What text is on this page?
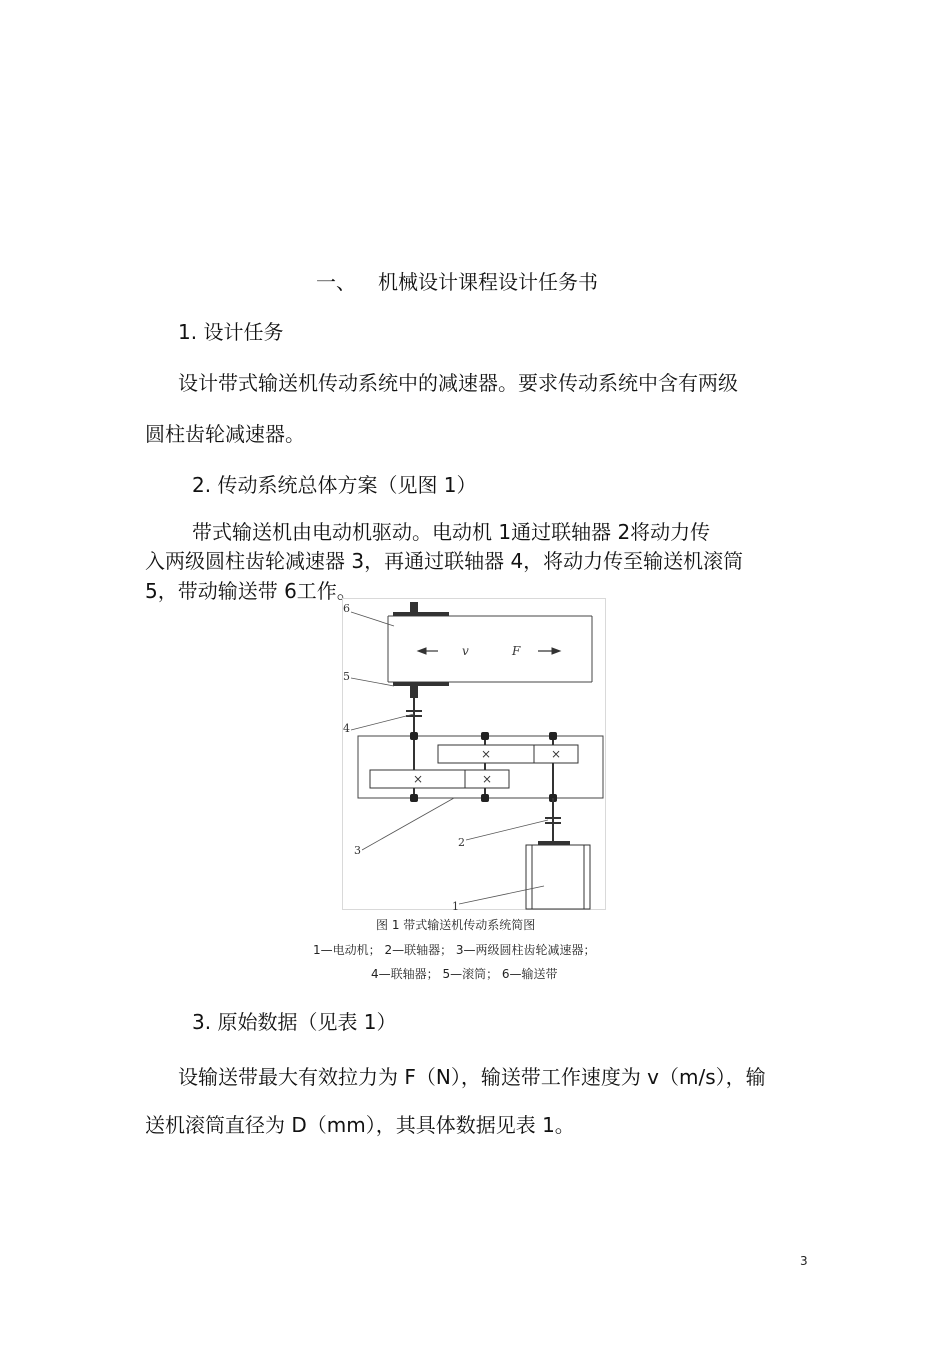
一、 机械设计课程设计任务书
1. 设计任务
设计带式输送机传动系统中的减速器。要求传动系统中含有两级
圆柱齿轮减速器。
2. 传动系统总体方案（见图 1）
带式输送机由电动机驱动。电动机 1通过联轴器 2将动力传
入两级圆柱齿轮减速器 3，再通过联轴器 4，将动力传至输送机滚筒
5，带动输送带 6工作。
v	F
×	×
×	×
6
5
4
3
2
1
图 1 带式输送机传动系统简图
1—电动机； 2—联轴器； 3—两级圆柱齿轮减速器；
4—联轴器； 5—滚筒； 6—输送带
3. 原始数据（见表 1）
设输送带最大有效拉力为 F（N），输送带工作速度为 v（m/s），输
送机滚筒直径为 D（mm），其具体数据见表 1。
3
